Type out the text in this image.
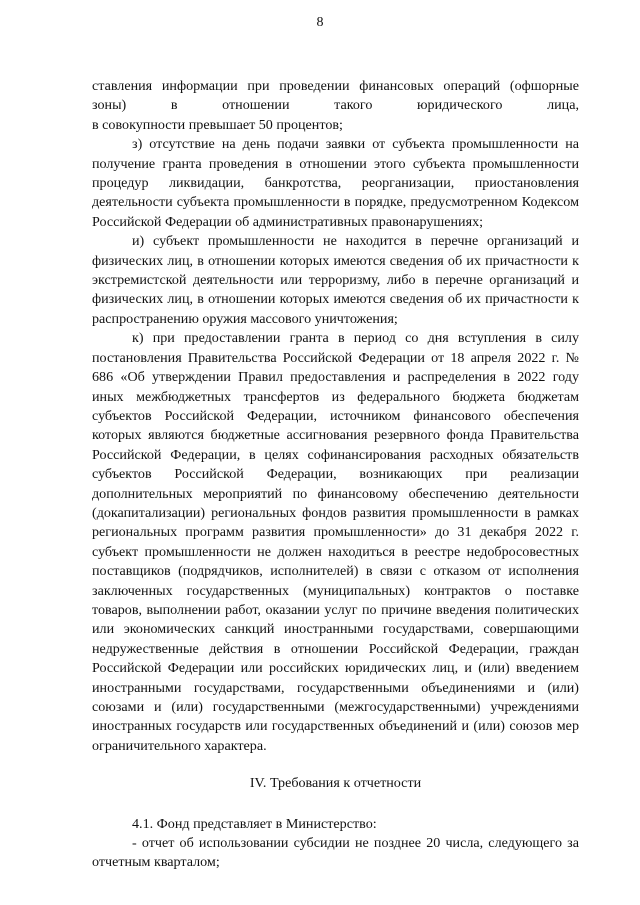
8

ставления информации при проведении финансовых операций (офшорные зоны) в отношении такого юридического лица,

в совокупности превышает 50 процентов;

з) отсутствие на день подачи заявки от субъекта промышленности на получение гранта проведения в отношении этого субъекта промышленности процедур ликвидации, банкротства, реорганизации, приостановления деятельности субъекта промышленности в порядке, предусмотренном Кодексом Российской Федерации об административных правонарушениях;

и) субъект промышленности не находится в перечне организаций и физических лиц, в отношении которых имеются сведения об их причастности к экстремистской деятельности или терроризму, либо в перечне организаций и физических лиц, в отношении которых имеются сведения об их причастности к распространению оружия массового уничтожения;

к) при предоставлении гранта в период со дня вступления в силу постановления Правительства Российской Федерации от 18 апреля 2022 г. № 686 «Об утверждении Правил предоставления и распределения в 2022 году иных межбюджетных трансфертов из федерального бюджета бюджетам субъектов Российской Федерации, источником финансового обеспечения которых являются бюджетные ассигнования резервного фонда Правительства Российской Федерации, в целях софинансирования расходных обязательств субъектов Российской Федерации, возникающих при реализации дополнительных мероприятий по финансовому обеспечению деятельности (докапитализации) региональных фондов развития промышленности в рамках региональных программ развития промышленности» до 31 декабря 2022 г. субъект промышленности не должен находиться в реестре недобросовестных поставщиков (подрядчиков, исполнителей) в связи с отказом от исполнения заключенных государственных (муниципальных) контрактов о поставке товаров, выполнении работ, оказании услуг по причине введения политических или экономических санкций иностранными государствами, совершающими недружественные действия в отношении Российской Федерации, граждан Российской Федерации или российских юридических лиц, и (или) введением иностранными государствами, государственными объединениями и (или) союзами и (или) государственными (межгосударственными) учреждениями иностранных государств или государственных объединений и (или) союзов мер ограничительного характера.

IV. Требования к отчетности

4.1. Фонд представляет в Министерство:

- отчет об использовании субсидии не позднее 20 числа, следующего за отчетным кварталом;
